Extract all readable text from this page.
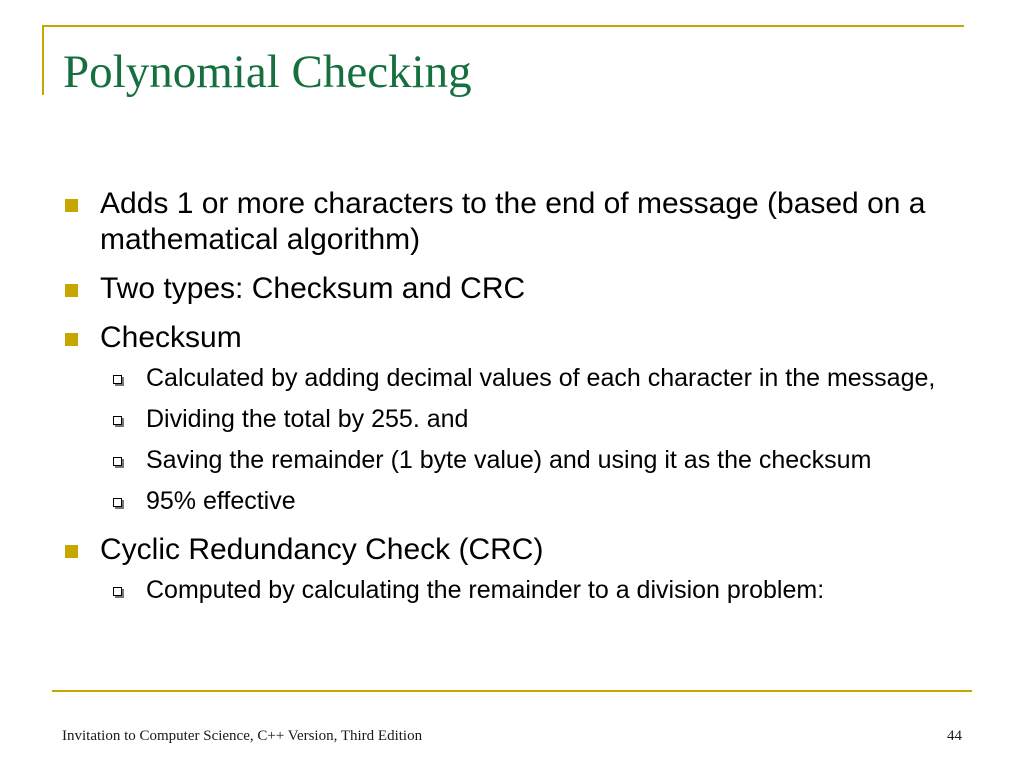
Polynomial Checking
Adds 1 or more characters to the end of message (based on a mathematical algorithm)
Two types: Checksum and CRC
Checksum
Calculated by adding decimal values of each character in the message,
Dividing the total by 255. and
Saving the remainder (1 byte value) and using it as the checksum
95% effective
Cyclic Redundancy Check (CRC)
Computed by calculating the remainder to a division problem:
Invitation to Computer Science, C++ Version, Third Edition	44
